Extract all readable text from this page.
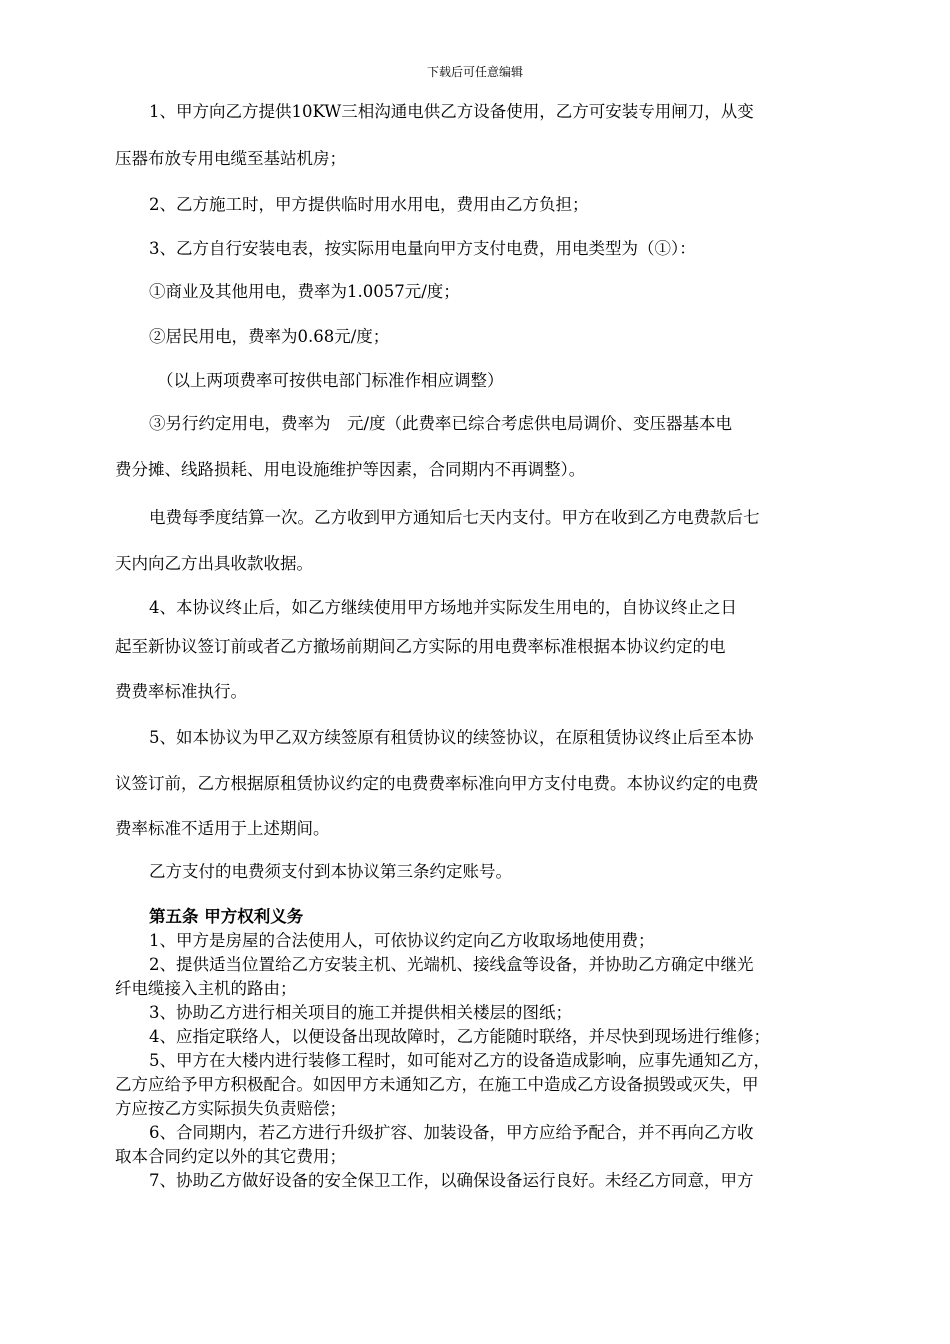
下载后可任意编辑
1、甲方向乙方提供10KW三相沟通电供乙方设备使用，乙方可安装专用闸刀，从变
压器布放专用电缆至基站机房；
2、乙方施工时，甲方提供临时用水用电，费用由乙方负担；
3、乙方自行安装电表，按实际用电量向甲方支付电费，用电类型为（①）：
①商业及其他用电，费率为1.0057元/度；
②居民用电，费率为0.68元/度；
（以上两项费率可按供电部门标准作相应调整）
③另行约定用电，费率为　元/度（此费率已综合考虑供电局调价、变压器基本电
费分摊、线路损耗、用电设施维护等因素，合同期内不再调整）。
电费每季度结算一次。乙方收到甲方通知后七天内支付。甲方在收到乙方电费款后七
天内向乙方出具收款收据。
4、本协议终止后，如乙方继续使用甲方场地并实际发生用电的，自协议终止之日
起至新协议签订前或者乙方撤场前期间乙方实际的用电费率标准根据本协议约定的电
费费率标准执行。
5、如本协议为甲乙双方续签原有租赁协议的续签协议，在原租赁协议终止后至本协
议签订前，乙方根据原租赁协议约定的电费费率标准向甲方支付电费。本协议约定的电费
费率标准不适用于上述期间。
乙方支付的电费须支付到本协议第三条约定账号。
第五条 甲方权利义务
1、甲方是房屋的合法使用人，可依协议约定向乙方收取场地使用费；
2、提供适当位置给乙方安装主机、光端机、接线盒等设备，并协助乙方确定中继光
纤电缆接入主机的路由；
3、协助乙方进行相关项目的施工并提供相关楼层的图纸；
4、应指定联络人，以便设备出现故障时，乙方能随时联络，并尽快到现场进行维修；
5、甲方在大楼内进行装修工程时，如可能对乙方的设备造成影响，应事先通知乙方，
乙方应给予甲方积极配合。如因甲方未通知乙方，在施工中造成乙方设备损毁或灭失，甲
方应按乙方实际损失负责赔偿；
6、合同期内，若乙方进行升级扩容、加装设备，甲方应给予配合，并不再向乙方收
取本合同约定以外的其它费用；
7、协助乙方做好设备的安全保卫工作，以确保设备运行良好。未经乙方同意，甲方
